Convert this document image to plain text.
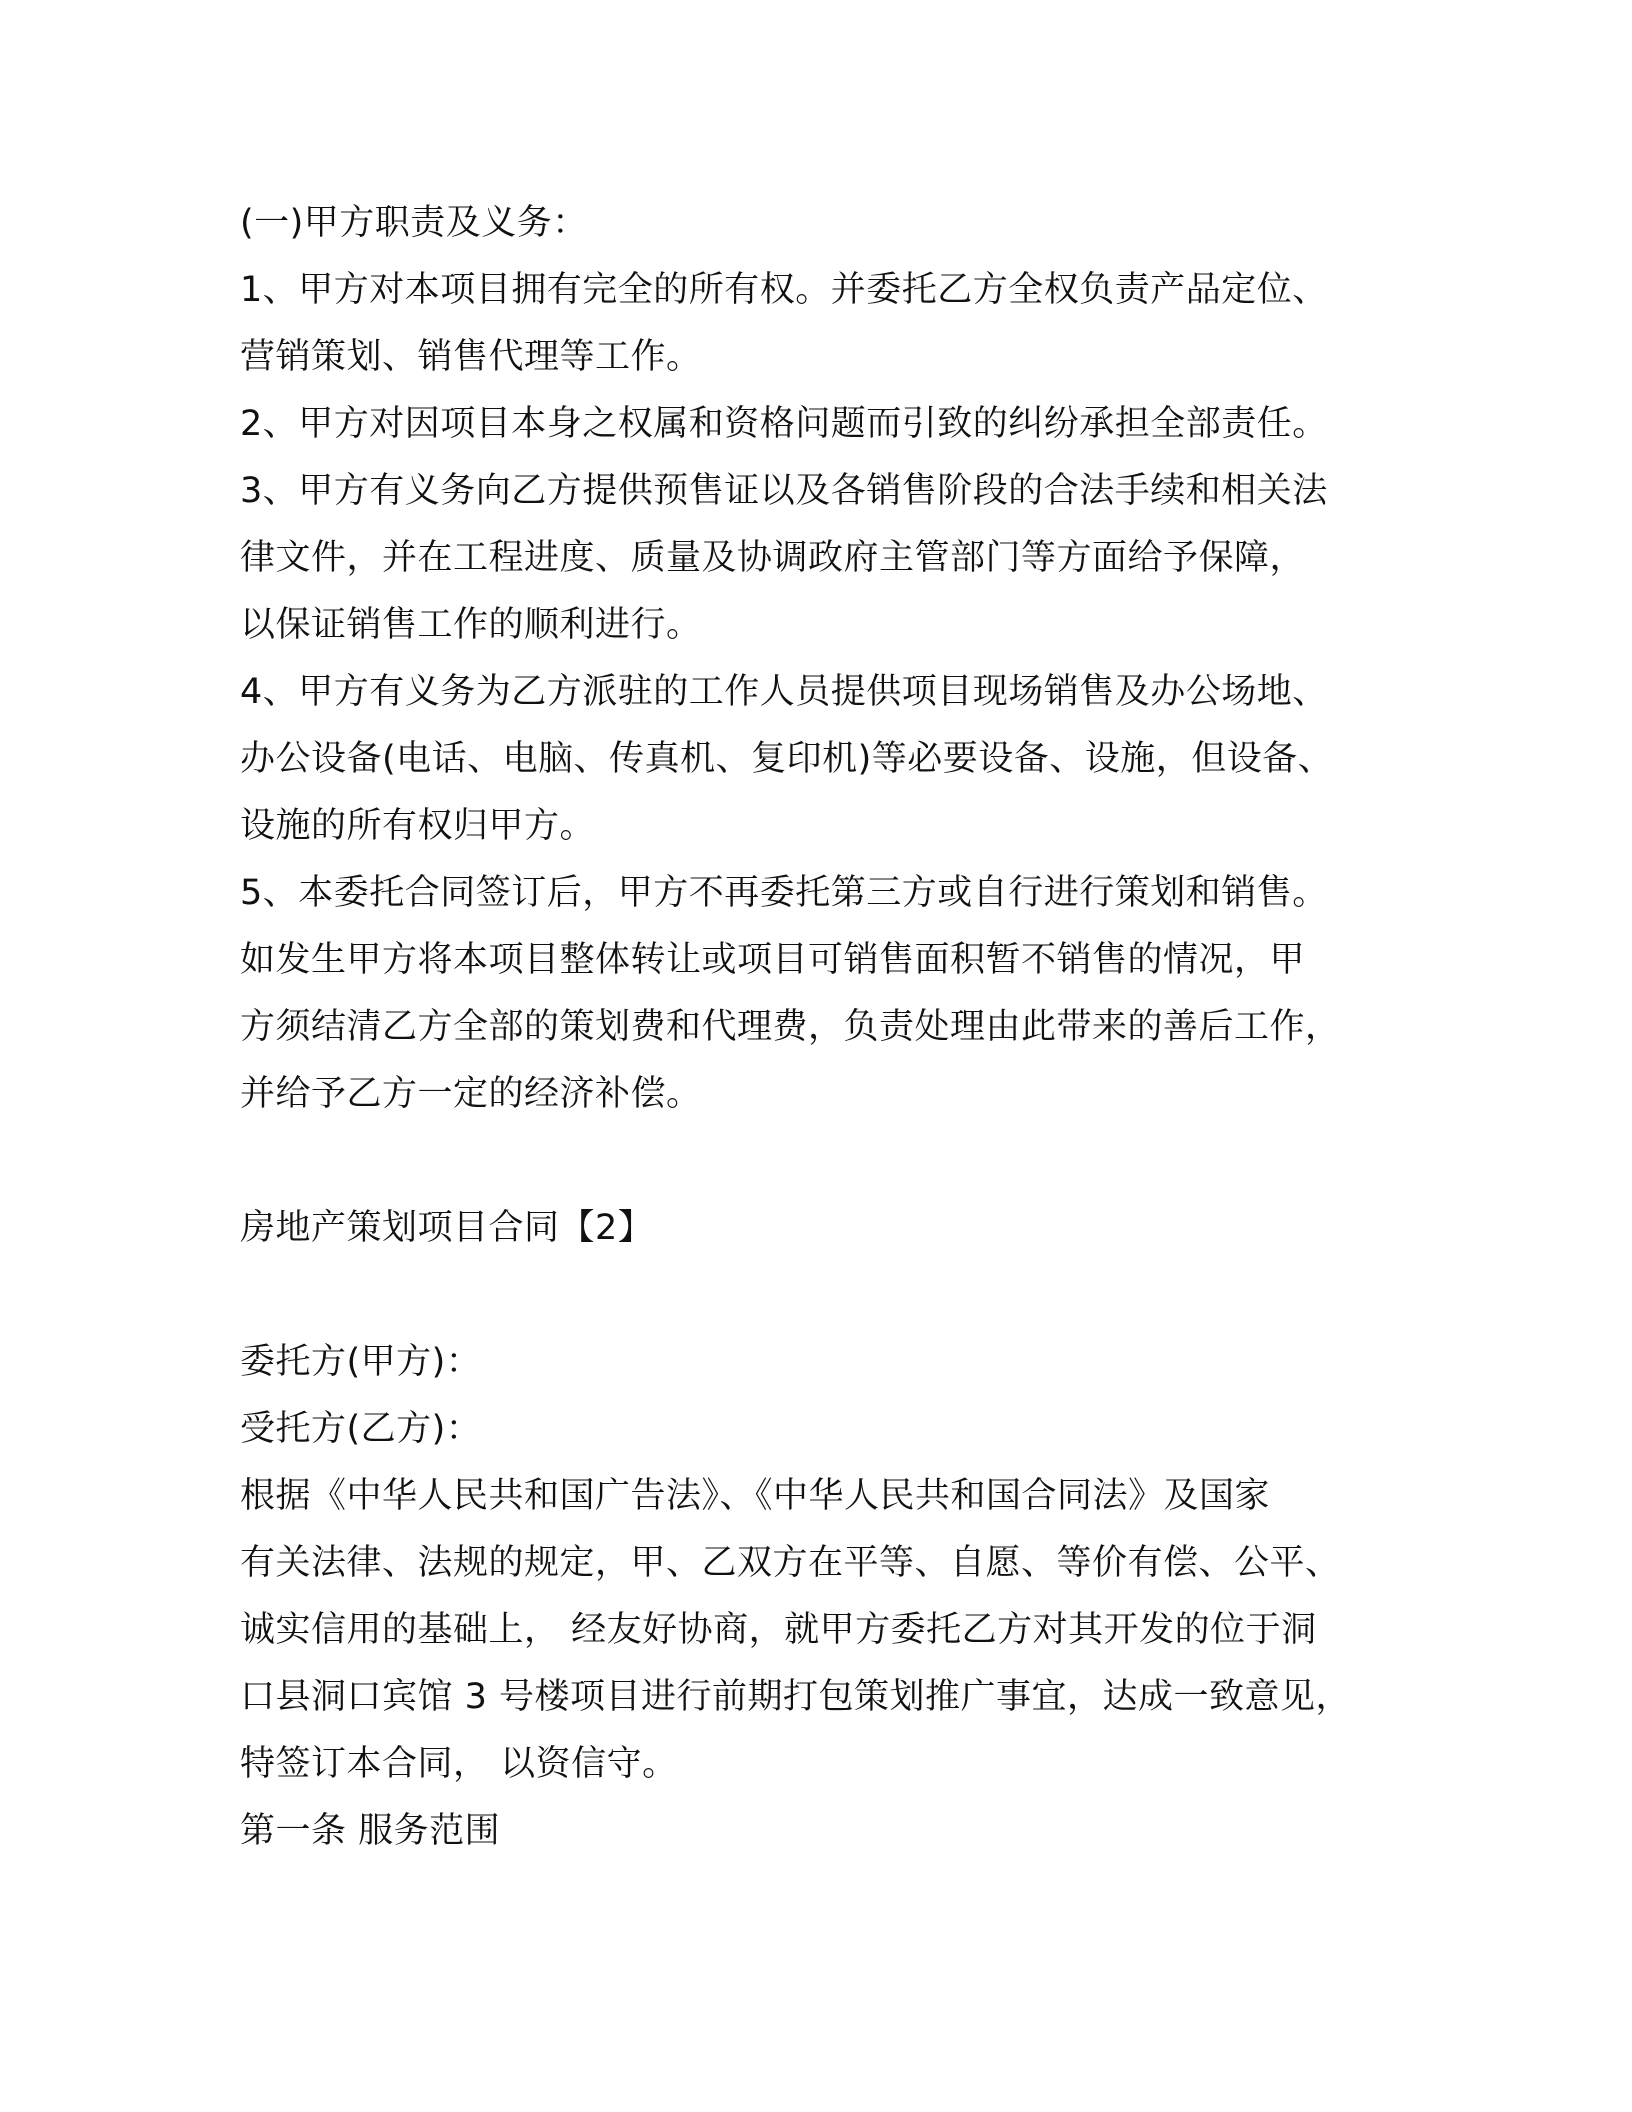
(一)甲方职责及义务：
1、甲方对本项目拥有完全的所有权。并委托乙方全权负责产品定位、
营销策划、销售代理等工作。
2、甲方对因项目本身之权属和资格问题而引致的纠纷承担全部责任。
3、甲方有义务向乙方提供预售证以及各销售阶段的合法手续和相关法
律文件，并在工程进度、质量及协调政府主管部门等方面给予保障，
以保证销售工作的顺利进行。
4、甲方有义务为乙方派驻的工作人员提供项目现场销售及办公场地、
办公设备(电话、电脑、传真机、复印机)等必要设备、设施，但设备、
设施的所有权归甲方。
5、本委托合同签订后，甲方不再委托第三方或自行进行策划和销售。
如发生甲方将本项目整体转让或项目可销售面积暂不销售的情况，甲
方须结清乙方全部的策划费和代理费，负责处理由此带来的善后工作，
并给予乙方一定的经济补偿。
房地产策划项目合同【2】
委托方(甲方)：
受托方(乙方)：
根据《中华人民共和国广告法》、《中华人民共和国合同法》及国家
有关法律、法规的规定，甲、乙双方在平等、自愿、等价有偿、公平、
诚实信用的基础上， 经友好协商，就甲方委托乙方对其开发的位于洞
口县洞口宾馆 3 号楼项目进行前期打包策划推广事宜，达成一致意见，
特签订本合同， 以资信守。
第一条 服务范围
